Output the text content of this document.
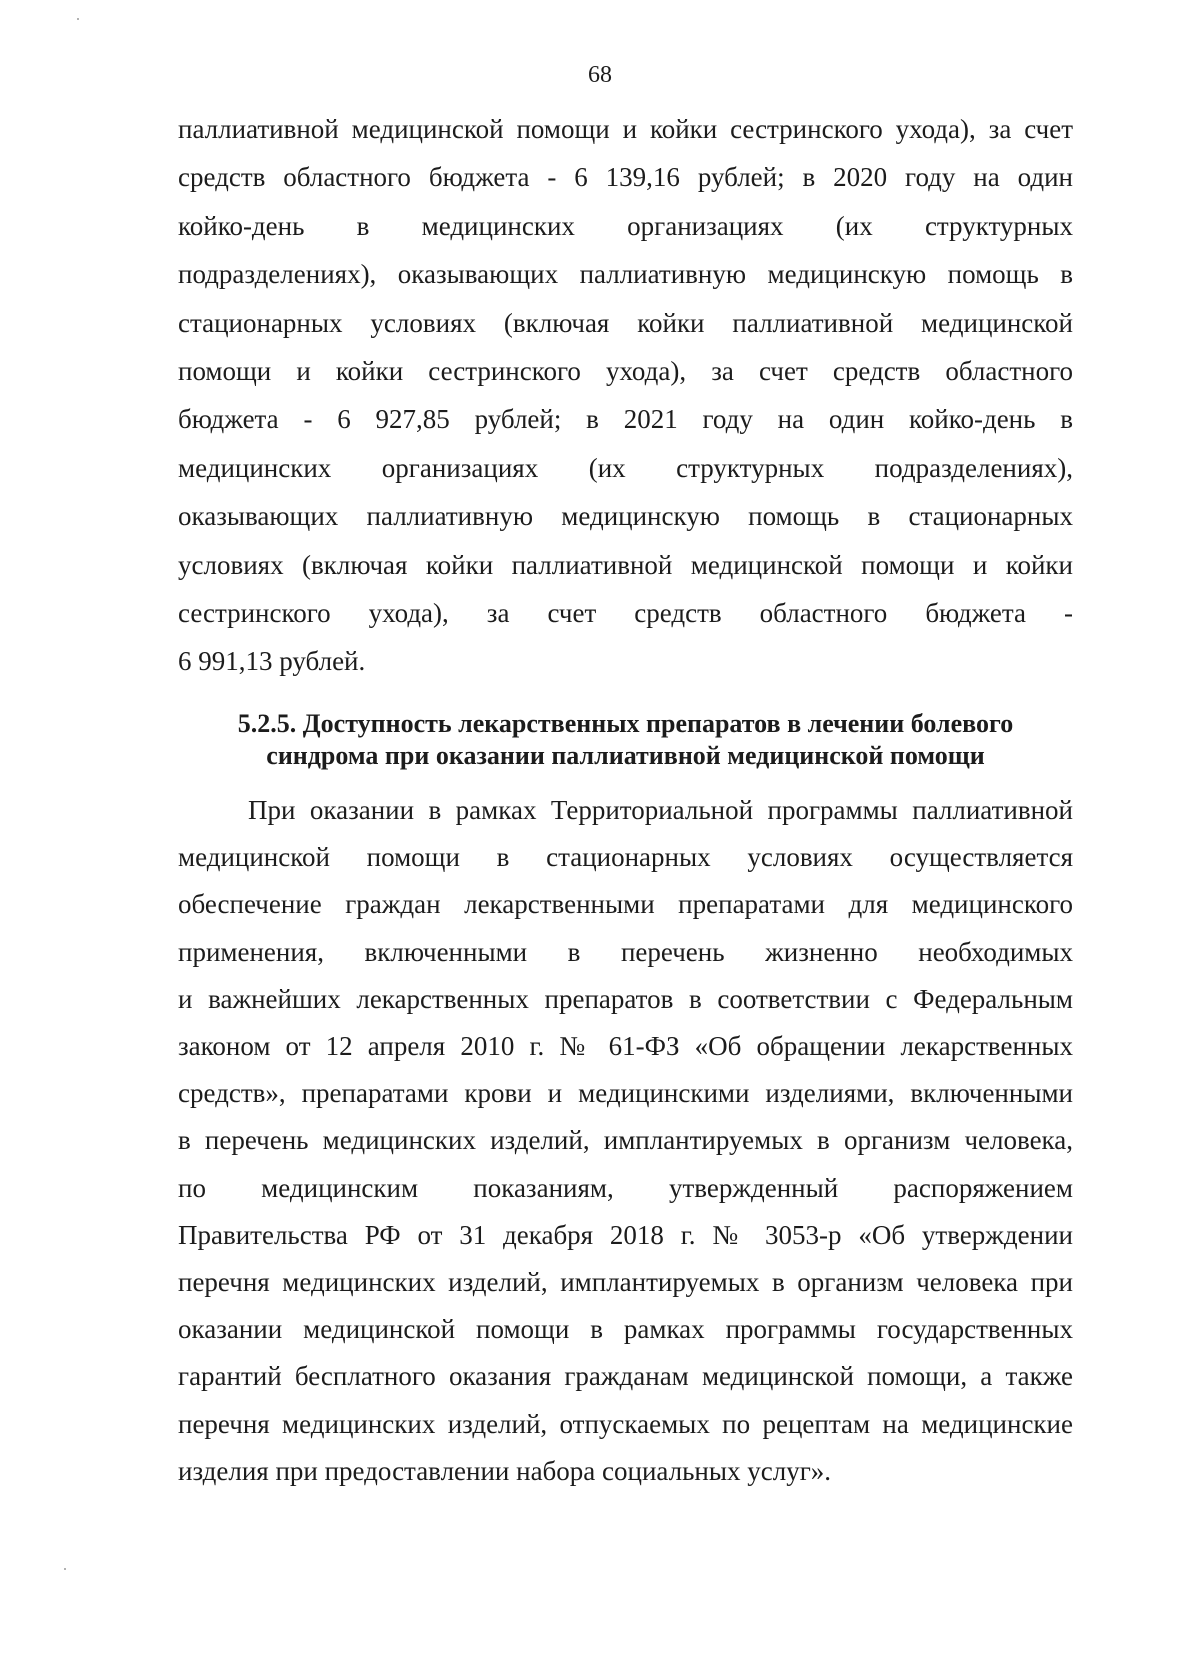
68
паллиативной медицинской помощи и койки сестринского ухода), за счет
средств областного бюджета - 6 139,16 рублей; в 2020 году на один
койко-день в медицинских организациях (их структурных
подразделениях), оказывающих паллиативную медицинскую помощь в
стационарных условиях (включая койки паллиативной медицинской
помощи и койки сестринского ухода), за счет средств областного
бюджета - 6 927,85 рублей; в 2021 году на один койко-день в
медицинских организациях (их структурных подразделениях),
оказывающих паллиативную медицинскую помощь в стационарных
условиях (включая койки паллиативной медицинской помощи и койки
сестринского ухода), за счет средств областного бюджета -
6 991,13 рублей.
5.2.5. Доступность лекарственных препаратов в лечении болевого
синдрома при оказании паллиативной медицинской помощи
При оказании в рамках Территориальной программы паллиативной
медицинской помощи в стационарных условиях осуществляется
обеспечение граждан лекарственными препаратами для медицинского
применения, включенными в перечень жизненно необходимых
и важнейших лекарственных препаратов в соответствии с Федеральным
законом от 12 апреля 2010 г. № 61-ФЗ «Об обращении лекарственных
средств», препаратами крови и медицинскими изделиями, включенными
в перечень медицинских изделий, имплантируемых в организм человека,
по медицинским показаниям, утвержденный распоряжением
Правительства РФ от 31 декабря 2018 г. № 3053-р «Об утверждении
перечня медицинских изделий, имплантируемых в организм человека при
оказании медицинской помощи в рамках программы государственных
гарантий бесплатного оказания гражданам медицинской помощи, а также
перечня медицинских изделий, отпускаемых по рецептам на медицинские
изделия при предоставлении набора социальных услуг».
